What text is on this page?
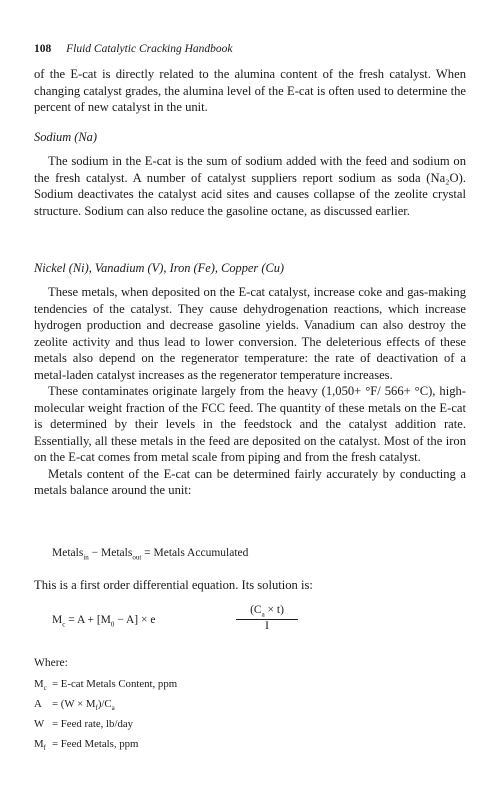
108 Fluid Catalytic Cracking Handbook

of the E-cat is directly related to the alumina content of the fresh catalyst. When changing catalyst grades, the alumina level of the E-cat is often used to determine the percent of new catalyst in the unit.

Sodium (Na)

The sodium in the E-cat is the sum of sodium added with the feed and sodium on the fresh catalyst. A number of catalyst suppliers report sodium as soda (Na₂O). Sodium deactivates the catalyst acid sites and causes collapse of the zeolite crystal structure. Sodium can also reduce the gasoline octane, as discussed earlier.

Nickel (Ni), Vanadium (V), Iron (Fe), Copper (Cu)

These metals, when deposited on the E-cat catalyst, increase coke and gas-making tendencies of the catalyst. They cause dehydrogenation reactions, which increase hydrogen production and decrease gasoline yields. Vanadium can also destroy the zeolite activity and thus lead to lower conversion. The deleterious effects of these metals also depend on the regenerator temperature: the rate of deactivation of a metal-laden catalyst increases as the regenerator temperature increases.

These contaminates originate largely from the heavy (1,050+ °F/ 566+ °C), high-molecular weight fraction of the FCC feed. The quantity of these metals on the E-cat is determined by their levels in the feedstock and the catalyst addition rate. Essentially, all these metals in the feed are deposited on the catalyst. Most of the iron on the E-cat comes from metal scale from piping and from the fresh catalyst.

Metals content of the E-cat can be determined fairly accurately by conducting a metals balance around the unit:

Metals$_{in}$ − Metals$_{out}$ = Metals Accumulated
This is a first order differential equation. Its solution is:
$M_c = A + [M_0 - A] \times e$	$\frac{(C_a \times t)}{I}$
Where:
$M_c = E-cat$ Metals Content, ppm
$A = (W \times M_f)/C_a$
W = Feed rate, lb/day
$M_f$ = Feed Metals, ppm
